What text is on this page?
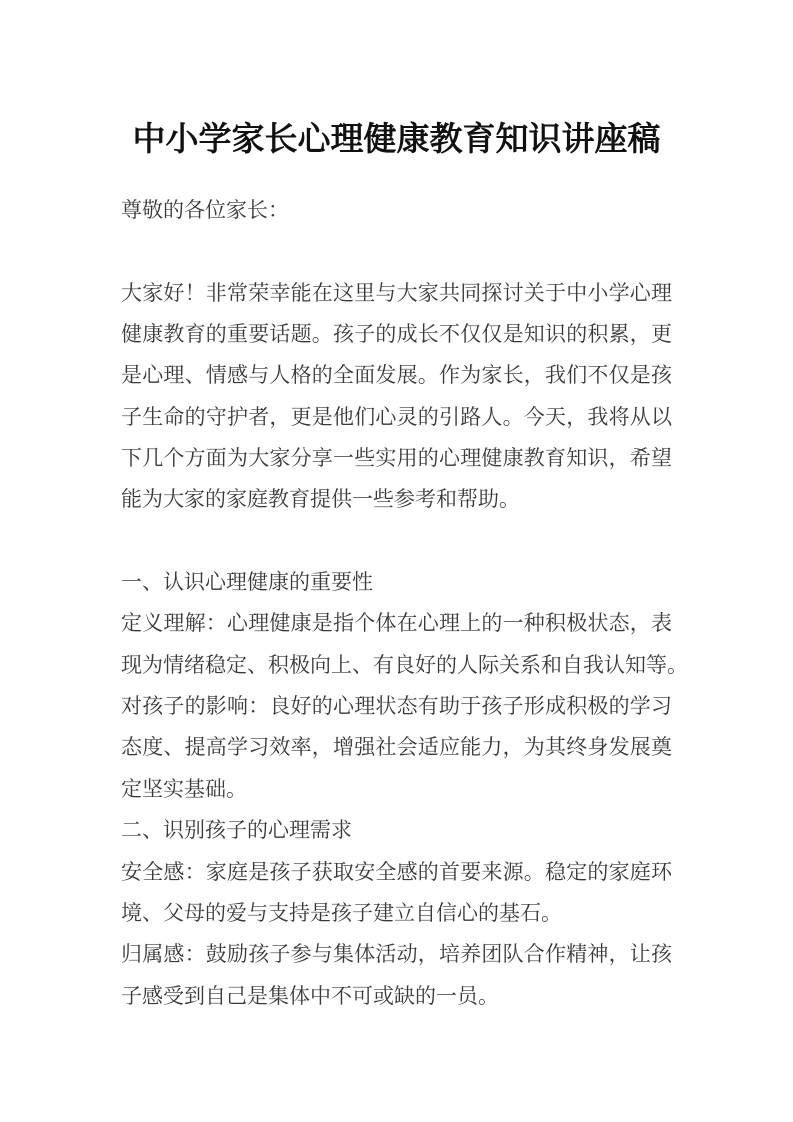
中小学家长心理健康教育知识讲座稿
尊敬的各位家长：
大家好！非常荣幸能在这里与大家共同探讨关于中小学心理
健康教育的重要话题。孩子的成长不仅仅是知识的积累，更
是心理、情感与人格的全面发展。作为家长，我们不仅是孩
子生命的守护者，更是他们心灵的引路人。今天，我将从以
下几个方面为大家分享一些实用的心理健康教育知识，希望
能为大家的家庭教育提供一些参考和帮助。
一、认识心理健康的重要性
定义理解：心理健康是指个体在心理上的一种积极状态，表
现为情绪稳定、积极向上、有良好的人际关系和自我认知等。
对孩子的影响：良好的心理状态有助于孩子形成积极的学习
态度、提高学习效率，增强社会适应能力，为其终身发展奠
定坚实基础。
二、识别孩子的心理需求
安全感：家庭是孩子获取安全感的首要来源。稳定的家庭环
境、父母的爱与支持是孩子建立自信心的基石。
归属感：鼓励孩子参与集体活动，培养团队合作精神，让孩
子感受到自己是集体中不可或缺的一员。
